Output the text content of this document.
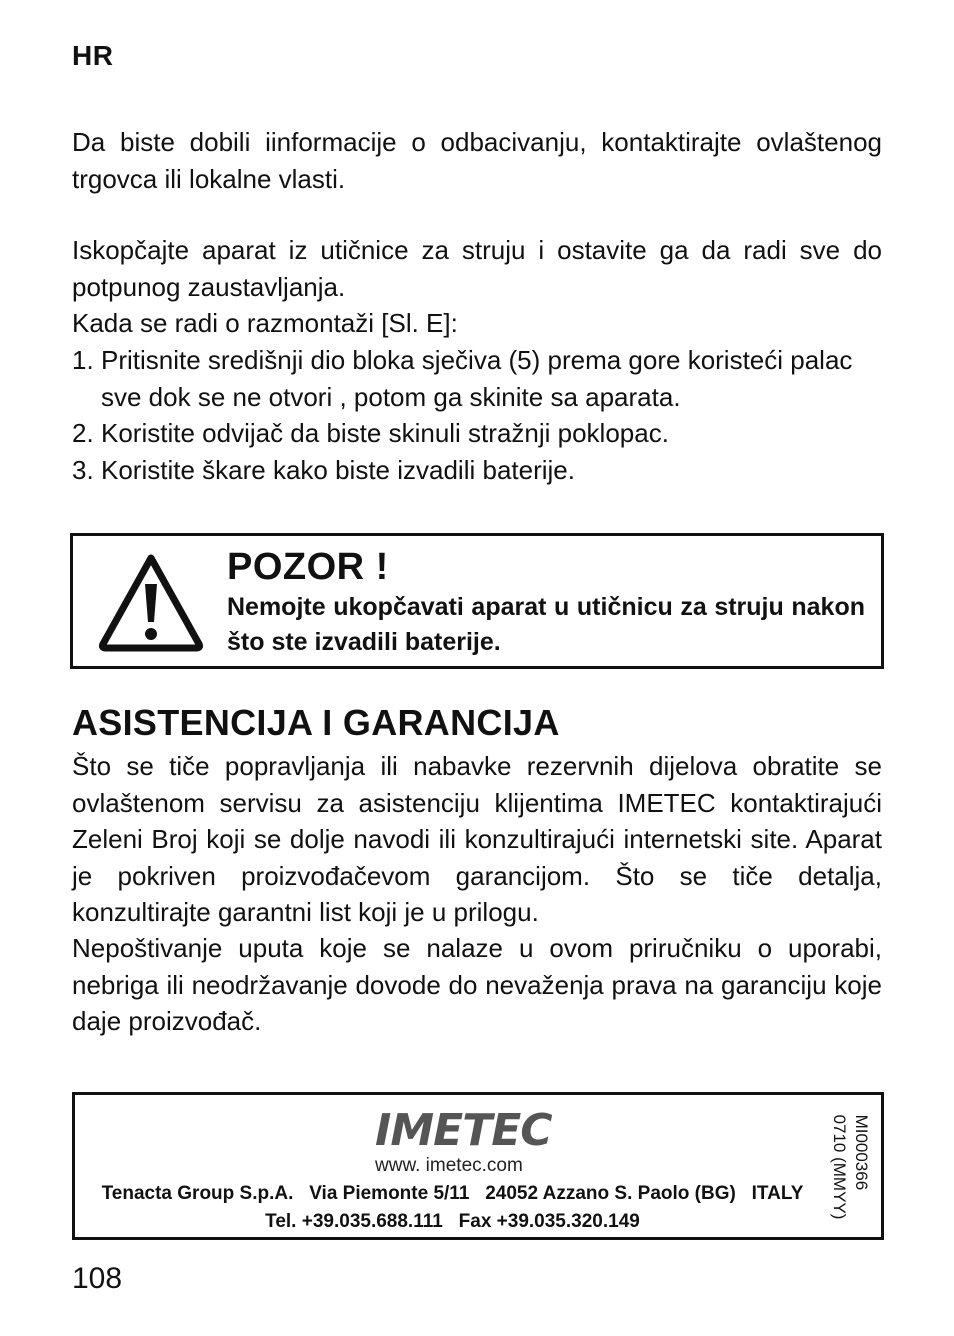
HR

Da biste dobili iinformacije o odbacivanju, kontaktirajte ovlaštenog trgovca ili lokalne vlasti.

Iskopčajte aparat iz utičnice za struju i ostavite ga da radi sve do potpunog zaustavljanja.

Kada se radi o razmontaži [Sl. E]:

1. Pritisnite središnji dio bloka sječiva (5) prema gore koristeći palac sve dok se ne otvori , potom ga skinite sa aparata.
2. Koristite odvijač da biste skinuli stražnji poklopac.
3. Koristite škare kako biste izvadili baterije.
POZOR !

Nemojte ukopčavati aparat u utičnicu za struju nakon što ste izvadili baterije.

ASISTENCIJA I GARANCIJA

Što se tiče popravljanja ili nabavke rezervnih dijelova obratite se ovlaštenom servisu za asistenciju klijentima IMETEC kontaktirajući Zeleni Broj koji se dolje navodi ili konzultirajući internetski site. Aparat je pokriven proizvođačevom garancijom. Što se tiče detalja, konzultirajte garantni list koji je u prilogu.

Nepoštivanje uputa koje se nalaze u ovom priručniku o uporabi, nebriga ili neodržavanje dovode do nevaženja prava na garanciju koje daje proizvođač.

IMETEC
www. imetec.com
Tenacta Group S.p.A.   Via Piemonte 5/11   24052 Azzano S. Paolo (BG)   ITALY
Tel. +39.035.688.111   Fax +39.035.320.149
MI000366
0710 (MMYY)
108
